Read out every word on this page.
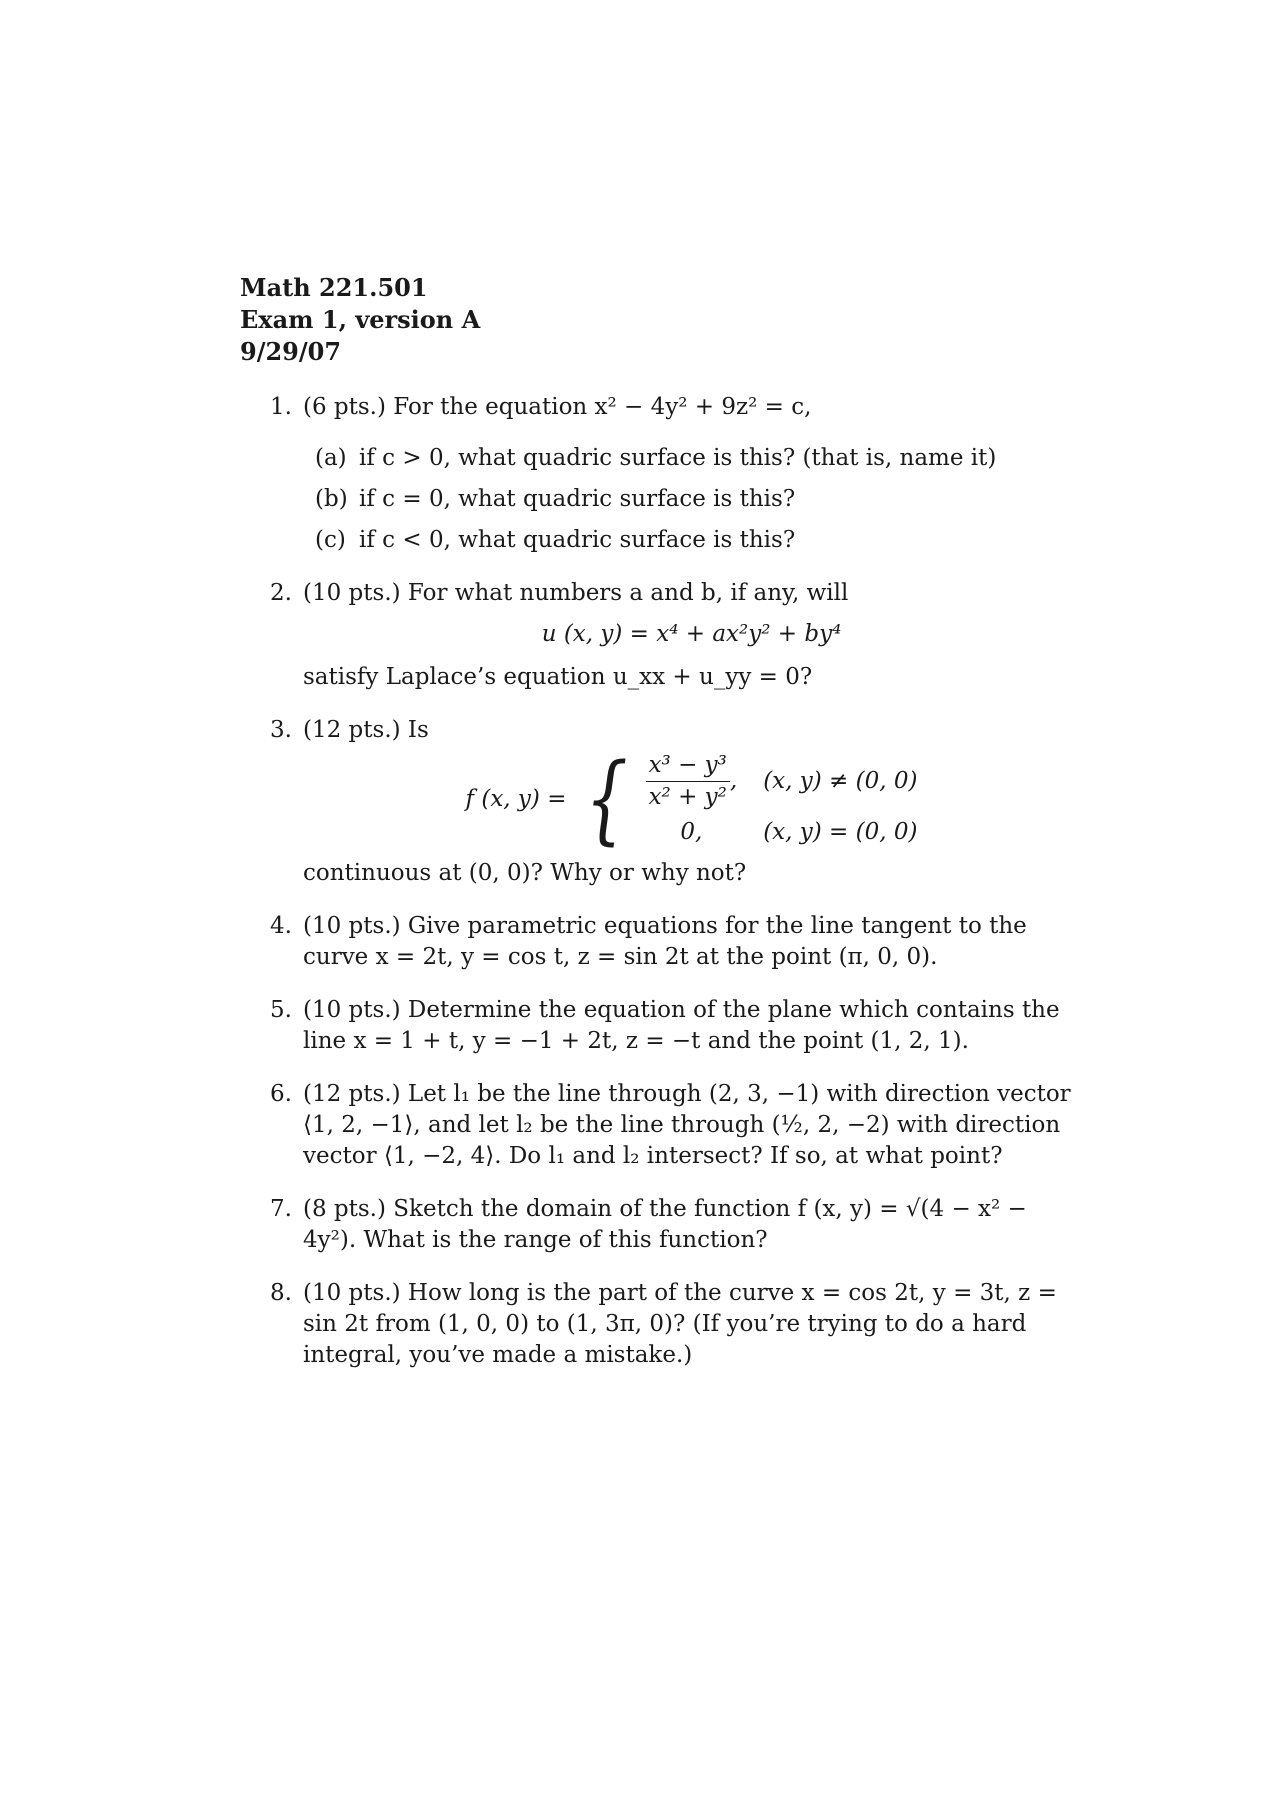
Math 221.501
Exam 1, version A
9/29/07
1. (6 pts.) For the equation x² − 4y² + 9z² = c,
(a) if c > 0, what quadric surface is this? (that is, name it)
(b) if c = 0, what quadric surface is this?
(c) if c < 0, what quadric surface is this?
2. (10 pts.) For what numbers a and b, if any, will
u (x, y) = x⁴ + ax²y² + by⁴
satisfy Laplace’s equation u_xx + u_yy = 0?
3. (12 pts.) Is
f (x, y) = { $\frac{\text{x³ − y³}}{\text{x² + y²}}$ , (x, y) ≠ (0, 0)
0,	(x, y) = (0, 0)
continuous at (0, 0)? Why or why not?
4. (10 pts.) Give parametric equations for the line tangent to the curve x = 2t, y = cos t, z = sin 2t at the point (π, 0, 0).
5. (10 pts.) Determine the equation of the plane which contains the line x = 1 + t, y = −1 + 2t, z = −t and the point (1, 2, 1).
6. (12 pts.) Let l₁ be the line through (2, 3, −1) with direction vector ⟨1, 2, −1⟩, and let l₂ be the line through (½, 2, −2) with direction vector ⟨1, −2, 4⟩. Do l₁ and l₂ intersect? If so, at what point?
7. (8 pts.) Sketch the domain of the function f (x, y) = √(4 − x² − 4y²). What is the range of this function?
8. (10 pts.) How long is the part of the curve x = cos 2t, y = 3t, z = sin 2t from (1, 0, 0) to (1, 3π, 0)? (If you’re trying to do a hard integral, you’ve made a mistake.)
